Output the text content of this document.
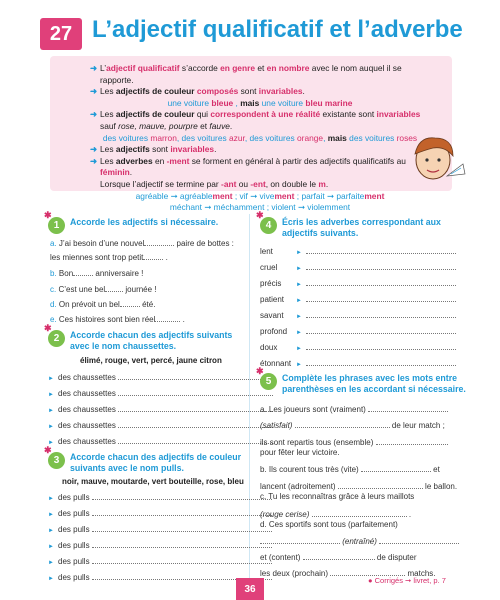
27 L’adjectif qualificatif et l’adverbe
➜ L’adjectif qualificatif s’accorde en genre et en nombre avec le nom auquel il se rapporte.
➜ Les adjectifs de couleur composés sont invariables.
une voiture bleue , mais une voiture bleu marine
➜ Les adjectifs de couleur qui correspondent à une réalité existante sont invariables sauf rose, mauve, pourpre et fauve.
des voitures marron, des voitures azur, des voitures orange, mais des voitures roses
➜ Les adjectifs sont invariables.
➜ Les adverbes en -ment se forment en général à partir des adjectifs qualificatifs au féminin.
Lorsque l’adjectif se termine par -ant ou -ent, on double le m.
agréable ➞ agréablement ; vif ➞ vivement ; parfait ➞ parfaitement
méchant ➞ méchamment ; violent ➞ violemment
✱
1 Accorde les adjectifs si nécessaire.
a. J’ai besoin d’une nouvel	paire de bottes :
les miennes sont trop petit	.
b. Bon	anniversaire !
c. C’est une bel journée !
d. On prévoit un bel	été.
e. Ces histoires sont bien réel	.
✱
2 Accorde chacun des adjectifs suivants
avec le nom chaussettes.
élimé, rouge, vert, percé, jaune citron
► des chaussettes
► des chaussettes
► des chaussettes
► des chaussettes
► des chaussettes
✱
3 Accorde chacun des adjectifs de couleur
suivants avec le nom pulls.
noir, mauve, moutarde, vert bouteille, rose, bleu
► des pulls
► des pulls
► des pulls
► des pulls
► des pulls
► des pulls
✱
4 Écris les adverbes correspondant aux
adjectifs suivants.
lent	►
cruel	►
précis ►
patient ►
savant ►
profond ►
doux	►
étonnant ►
✱
5 Complète les phrases avec les mots entre
parenthèses en les accordant si nécessaire.
a. Les joueurs sont (vraiment)
(satisfait)	de leur match ;
ils sont repartis tous (ensemble)
pour fêter leur victoire.
b. Ils courent tous très (vite)	et
lancent (adroitement)	le ballon.
c. Tu les reconnaîtras grâce à leurs maillots
(rouge cerise)	.
d. Ces sportifs sont tous (parfaitement)
(entraîné)
et (content)	de disputer
les deux (prochain)	matchs.
36
● Corrigés ➞ livret, p. 7
